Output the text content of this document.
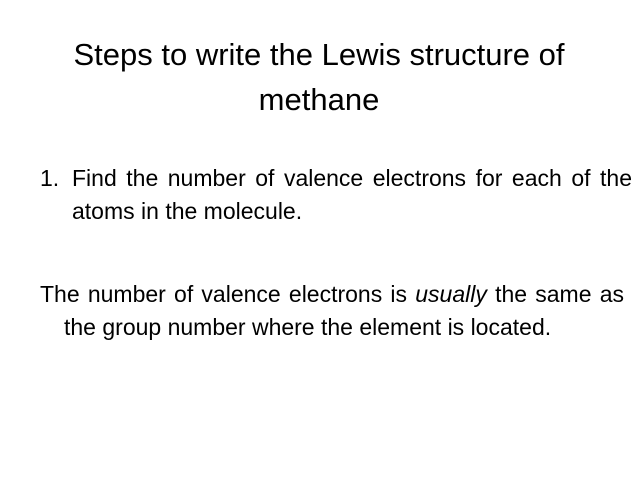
Steps to write the Lewis structure of
methane
1. Find the number of valence electrons for each of the atoms in the molecule.
The number of valence electrons is usually the same as the group number where the element is located.
